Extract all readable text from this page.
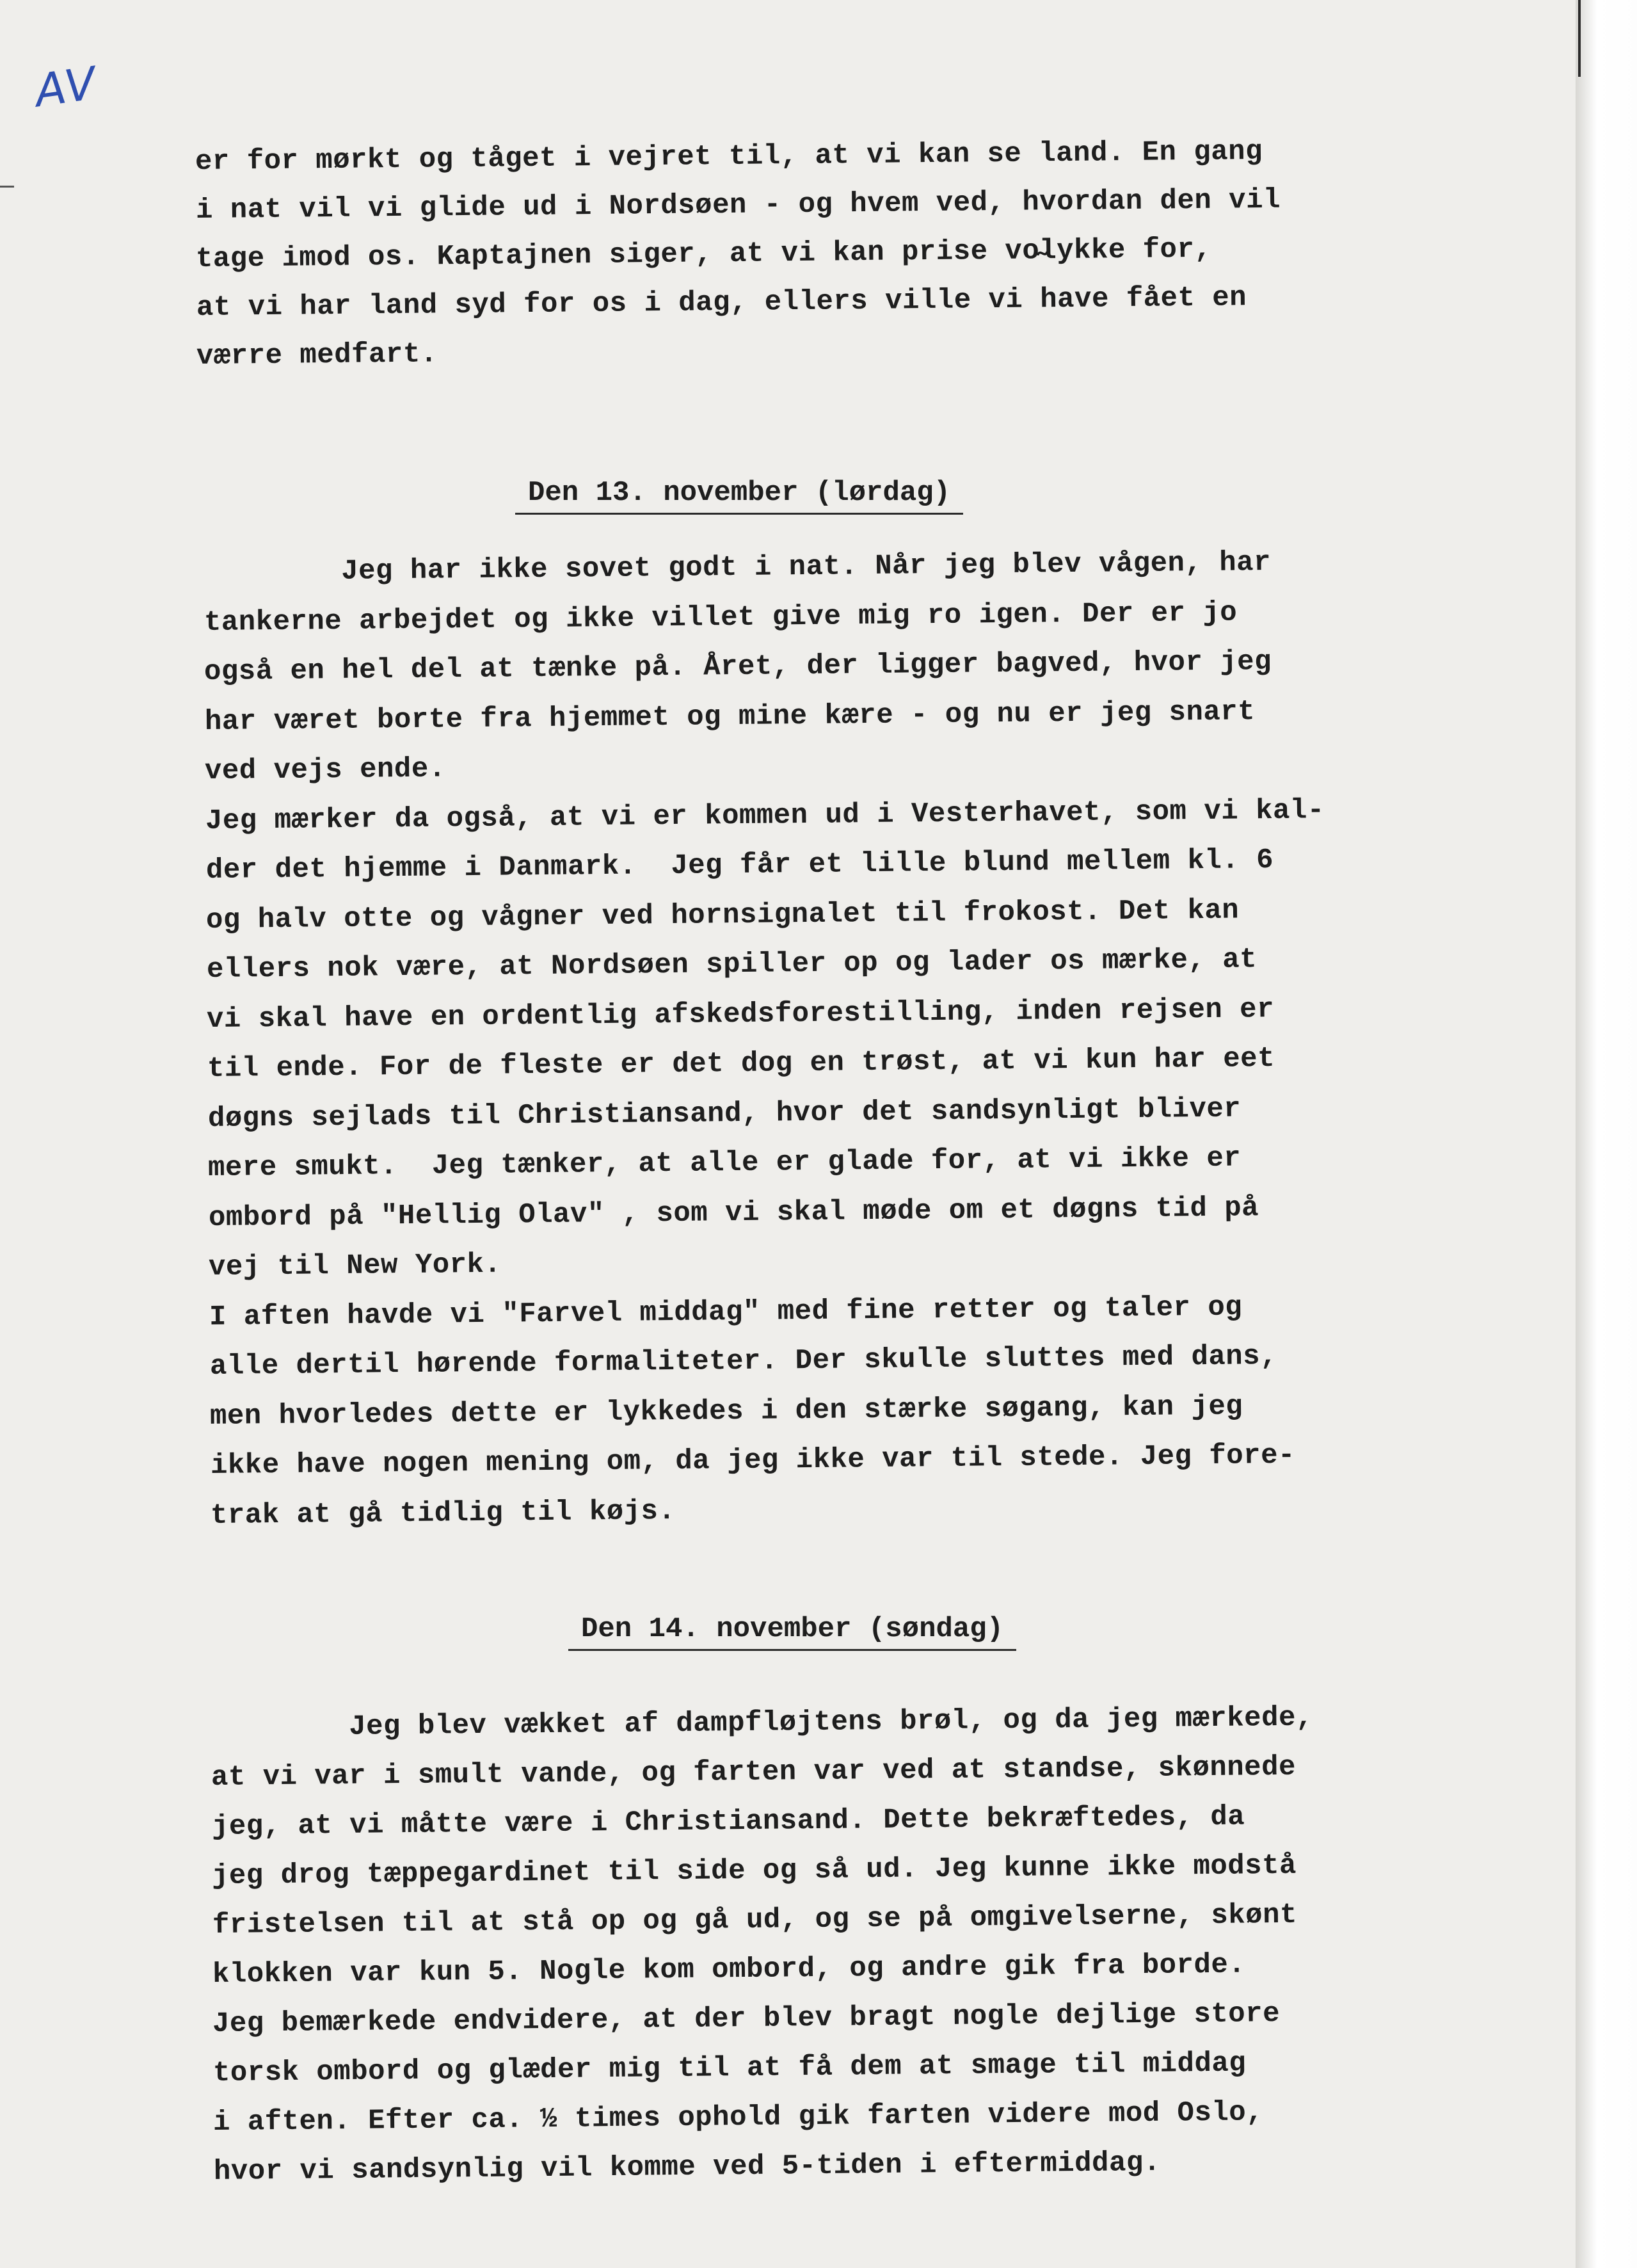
AV

er for mørkt og tåget i vejret til, at vi kan se land. En gang

i nat vil vi glide ud i Nordsøen - og hvem ved, hvordan den vil

tage imod os. Kaptajnen siger, at vi kan prise vo̴lykke for,

at vi har land syd for os i dag, ellers ville vi have fået en

værre medfart.

Den 13. november (lørdag)

Jeg har ikke sovet godt i nat. Når jeg blev vågen, har

tankerne arbejdet og ikke villet give mig ro igen. Der er jo

også en hel del at tænke på. Året, der ligger bagved, hvor jeg

har været borte fra hjemmet og mine kære - og nu er jeg snart

ved vejs ende.

Jeg mærker da også, at vi er kommen ud i Vesterhavet, som vi kal-

der det hjemme i Danmark.  Jeg får et lille blund mellem kl. 6

og halv otte og vågner ved hornsignalet til frokost. Det kan

ellers nok være, at Nordsøen spiller op og lader os mærke, at

vi skal have en ordentlig afskedsforestilling, inden rejsen er

til ende. For de fleste er det dog en trøst, at vi kun har eet

døgns sejlads til Christiansand, hvor det sandsynligt bliver

mere smukt.  Jeg tænker, at alle er glade for, at vi ikke er

ombord på "Hellig Olav" , som vi skal møde om et døgns tid på

vej til New York.

I aften havde vi "Farvel middag" med fine retter og taler og

alle dertil hørende formaliteter. Der skulle sluttes med dans,

men hvorledes dette er lykkedes i den stærke søgang, kan jeg

ikke have nogen mening om, da jeg ikke var til stede. Jeg fore-

trak at gå tidlig til køjs.

Den 14. november (søndag)

Jeg blev vækket af dampfløjtens brøl, og da jeg mærkede,

at vi var i smult vande, og farten var ved at standse, skønnede

jeg, at vi måtte være i Christiansand. Dette bekræftedes, da

jeg drog tæppegardinet til side og så ud. Jeg kunne ikke modstå

fristelsen til at stå op og gå ud, og se på omgivelserne, skønt

klokken var kun 5. Nogle kom ombord, og andre gik fra borde.

Jeg bemærkede endvidere, at der blev bragt nogle dejlige store

torsk ombord og glæder mig til at få dem at smage til middag

i aften. Efter ca. ½ times ophold gik farten videre mod Oslo,

hvor vi sandsynlig vil komme ved 5-tiden i eftermiddag.
